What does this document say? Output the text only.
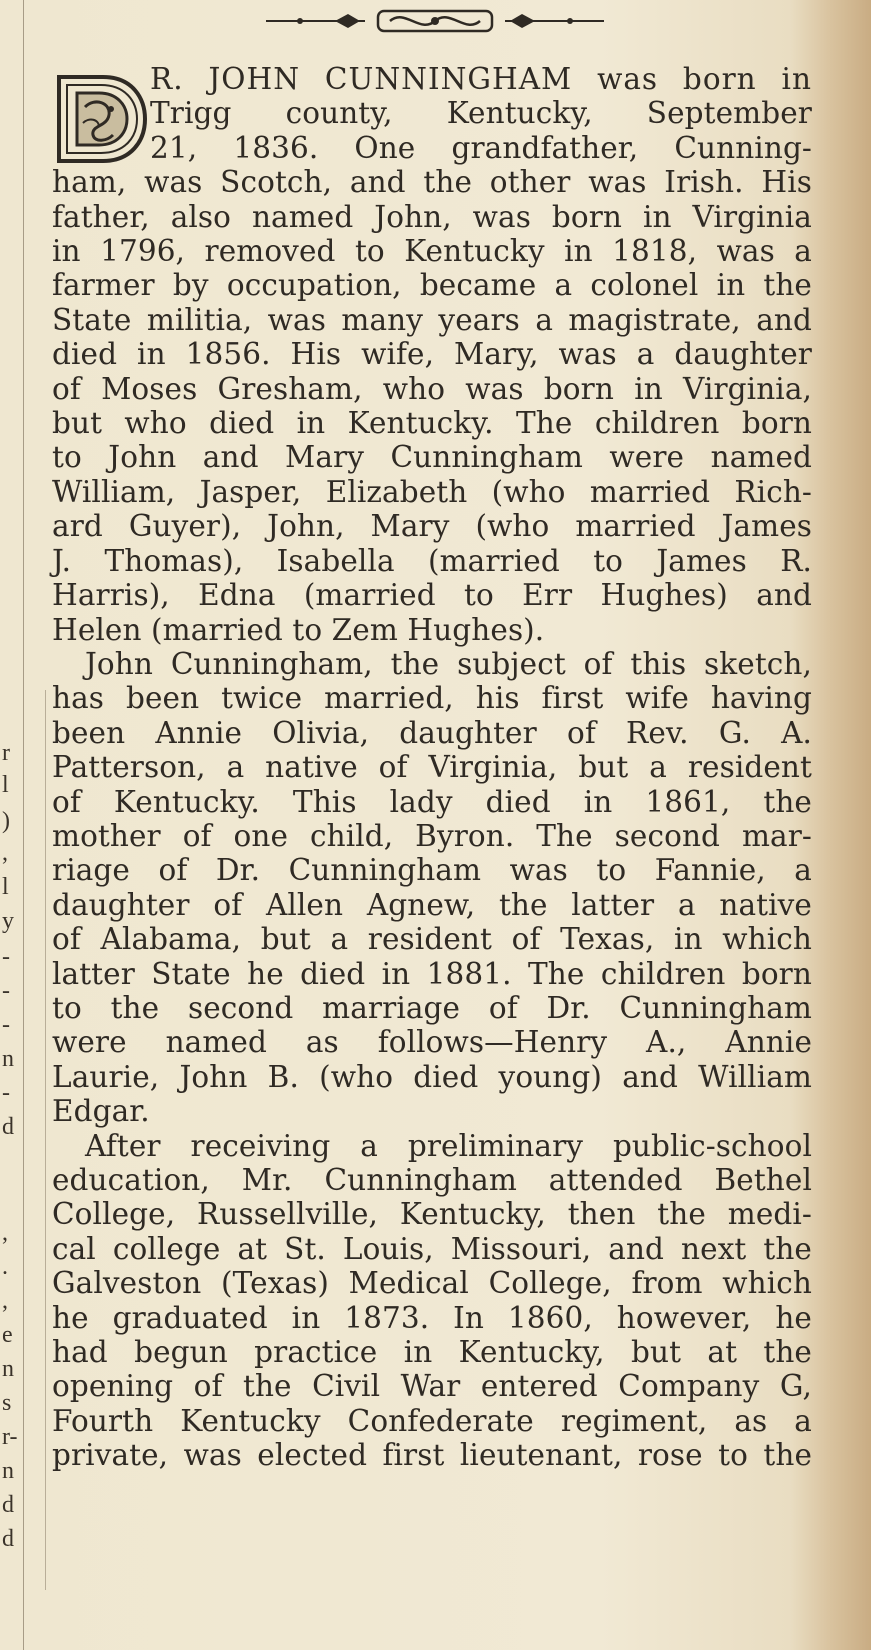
r
l
)
,
l
y
-
-
-
n
-
d
,
.
,
e
n
s
r-
n
d
d
R. JOHN CUNNINGHAM was born in
Trigg county, Kentucky, September
21, 1836. One grandfather, Cunning-
ham, was Scotch, and the other was Irish. His
father, also named John, was born in Virginia
in 1796, removed to Kentucky in 1818, was a
farmer by occupation, became a colonel in the
State militia, was many years a magistrate, and
died in 1856. His wife, Mary, was a daughter
of Moses Gresham, who was born in Virginia,
but who died in Kentucky. The children born
to John and Mary Cunningham were named
William, Jasper, Elizabeth (who married Rich-
ard Guyer), John, Mary (who married James
J. Thomas), Isabella (married to James R.
Harris), Edna (married to Err Hughes) and
Helen (married to Zem Hughes).
John Cunningham, the subject of this sketch,
has been twice married, his first wife having
been Annie Olivia, daughter of Rev. G. A.
Patterson, a native of Virginia, but a resident
of Kentucky. This lady died in 1861, the
mother of one child, Byron. The second mar-
riage of Dr. Cunningham was to Fannie, a
daughter of Allen Agnew, the latter a native
of Alabama, but a resident of Texas, in which
latter State he died in 1881. The children born
to the second marriage of Dr. Cunningham
were named as follows—Henry A., Annie
Laurie, John B. (who died young) and William
Edgar.
After receiving a preliminary public-school
education, Mr. Cunningham attended Bethel
College, Russellville, Kentucky, then the medi-
cal college at St. Louis, Missouri, and next the
Galveston (Texas) Medical College, from which
he graduated in 1873. In 1860, however, he
had begun practice in Kentucky, but at the
opening of the Civil War entered Company G,
Fourth Kentucky Confederate regiment, as a
private, was elected first lieutenant, rose to the
